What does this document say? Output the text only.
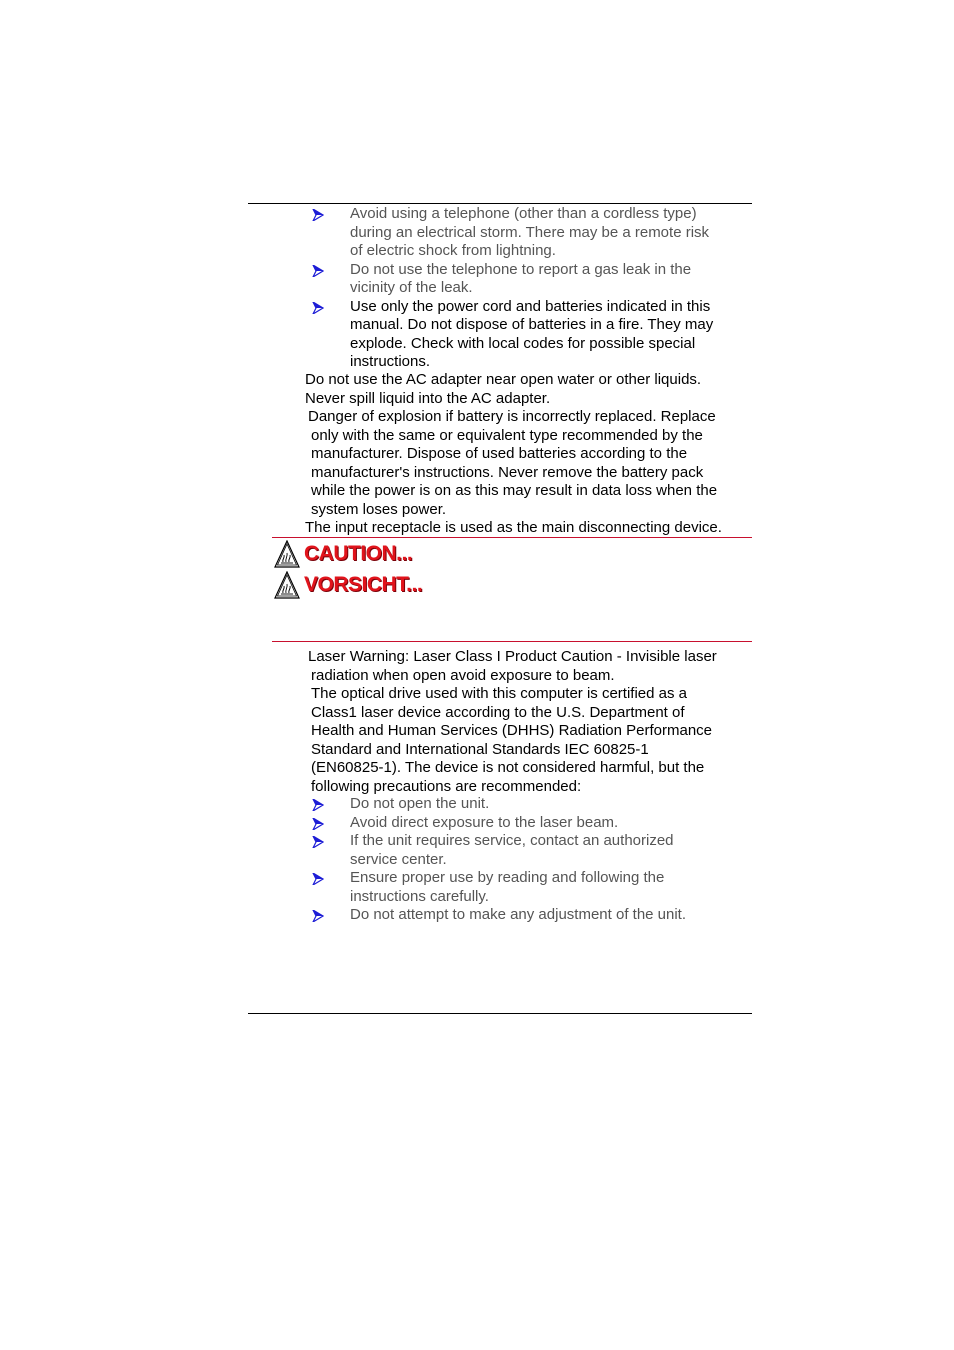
Avoid using a telephone (other than a cordless type)
during an electrical storm. There may be a remote risk
of electric shock from lightning.
Do not use the telephone to report a gas leak in the
vicinity of the leak.
Use only the power cord and batteries indicated in this
manual. Do not dispose of batteries in a fire. They may
explode. Check with local codes for possible special
instructions.

Do not use the AC adapter near open water or other liquids.
Never spill liquid into the AC adapter.

Danger of explosion if battery is incorrectly replaced. Replace
only with the same or equivalent type recommended by the
manufacturer. Dispose of used batteries according to the
manufacturer's instructions. Never remove the battery pack
while the power is on as this may result in data loss when the
system loses power.

The input receptacle is used as the main disconnecting device.

CAUTION...
VORSICHT...

Laser Warning: Laser Class I Product Caution - Invisible laser
radiation when open avoid exposure to beam.
The optical drive used with this computer is certified as a
Class1 laser device according to the U.S. Department of
Health and Human Services (DHHS) Radiation Performance
Standard and International Standards IEC 60825-1
(EN60825-1). The device is not considered harmful, but the
following precautions are recommended:

Do not open the unit.
Avoid direct exposure to the laser beam.
If the unit requires service, contact an authorized
service center.
Ensure proper use by reading and following the
instructions carefully.
Do not attempt to make any adjustment of the unit.
